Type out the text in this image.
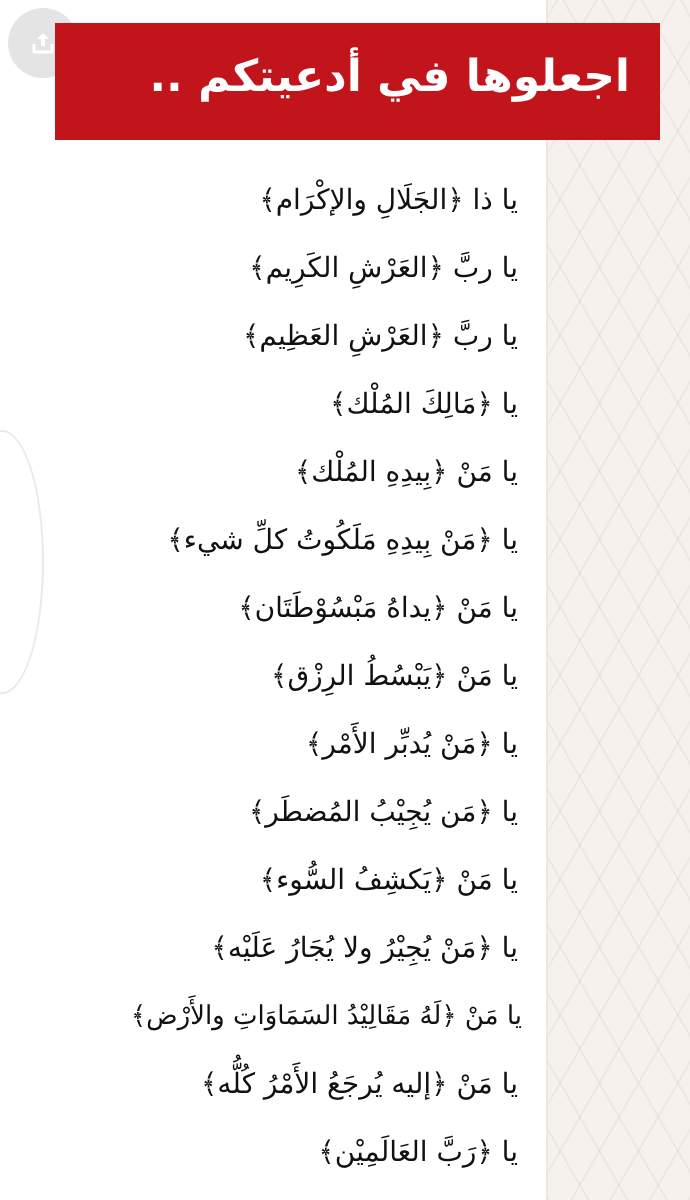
اجعلوها في أدعيتكم ..
يا ذا ﴿الجَلَالِ والإكْرَام﴾
يا ربَّ ﴿العَرْشِ الكَرِيم﴾
يا ربَّ ﴿العَرْشِ العَظِيم﴾
يا ﴿مَالِكَ المُلْك﴾
يا مَنْ ﴿بِيدِهِ المُلْك﴾
يا ﴿مَنْ بِيدِهِ مَلَكُوتُ كلِّ شيء﴾
يا مَنْ ﴿يداهُ مَبْسُوْطَتَان﴾
يا مَنْ ﴿يَبْسُطُ الرِزْق﴾
يا ﴿مَنْ يُدبِّر الأَمْر﴾
يا ﴿مَن يُجِيْبُ المُضطَر﴾
يا مَنْ ﴿يَكشِفُ السُّوء﴾
يا ﴿مَنْ يُجِيْرُ ولا يُجَارُ عَلَيْه﴾
يا مَنْ ﴿لَهُ مَقَالِيْدُ السَمَاوَاتِ والأَرْض﴾
يا مَنْ ﴿إليه يُرجَعُ الأَمْرُ كُلُّه﴾
يا ﴿رَبَّ العَالَمِيْن﴾
